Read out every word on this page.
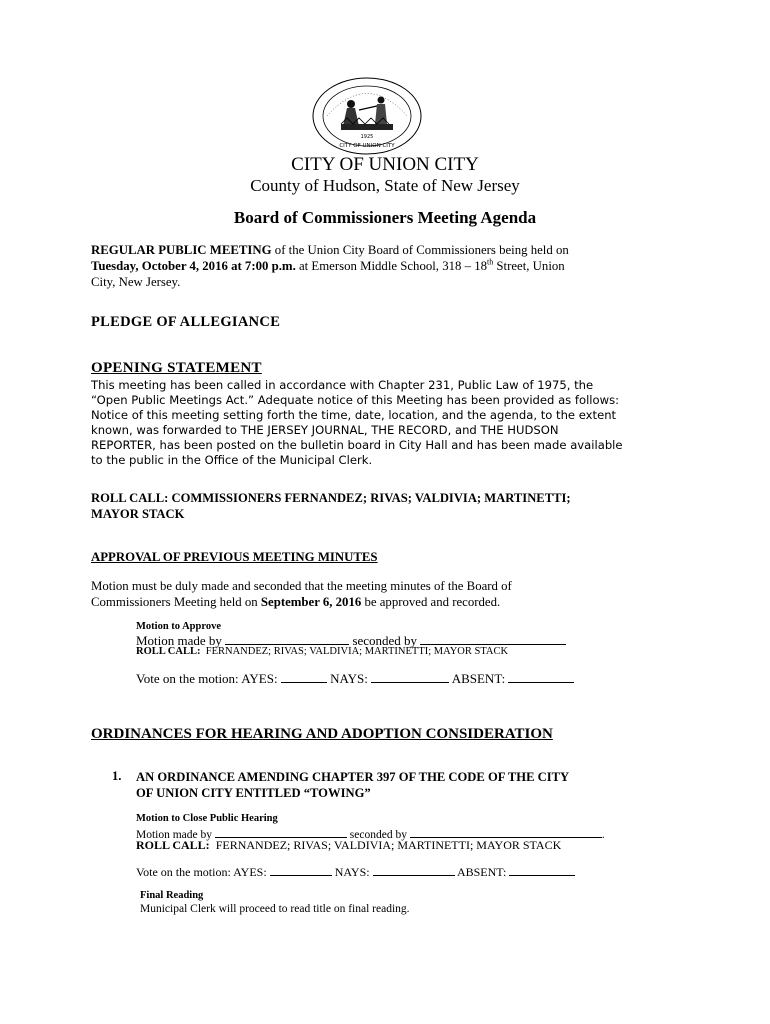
1925
CITY OF UNION CITY
CITY OF UNION CITY
County of Hudson, State of New Jersey
Board of Commissioners Meeting Agenda
REGULAR PUBLIC MEETING of the Union City Board of Commissioners being held on
Tuesday, October 4, 2016 at 7:00 p.m. at Emerson Middle School, 318 – 18th Street, Union
City, New Jersey.
PLEDGE OF ALLEGIANCE
OPENING STATEMENT
This meeting has been called in accordance with Chapter 231, Public Law of 1975, the
“Open Public Meetings Act.” Adequate notice of this Meeting has been provided as follows:
Notice of this meeting setting forth the time, date, location, and the agenda, to the extent
known, was forwarded to THE JERSEY JOURNAL, THE RECORD, and THE HUDSON
REPORTER, has been posted on the bulletin board in City Hall and has been made available
to the public in the Office of the Municipal Clerk.
ROLL CALL: COMMISSIONERS FERNANDEZ; RIVAS; VALDIVIA; MARTINETTI;
MAYOR STACK
APPROVAL OF PREVIOUS MEETING MINUTES
Motion must be duly made and seconded that the meeting minutes of the Board of
Commissioners Meeting held on September 6, 2016 be approved and recorded.
Motion to Approve
Motion made by	seconded by
ROLL CALL: FERNANDEZ; RIVAS; VALDIVIA; MARTINETTI; MAYOR STACK
Vote on the motion: AYES:	NAYS:	ABSENT:
ORDINANCES FOR HEARING AND ADOPTION CONSIDERATION
1. AN ORDINANCE AMENDING CHAPTER 397 OF THE CODE OF THE CITY
OF UNION CITY ENTITLED “TOWING”
Motion to Close Public Hearing
Motion made by	seconded by	.
ROLL CALL: FERNANDEZ; RIVAS; VALDIVIA; MARTINETTI; MAYOR STACK
Vote on the motion: AYES:	NAYS:	ABSENT:
Final Reading
Municipal Clerk will proceed to read title on final reading.
